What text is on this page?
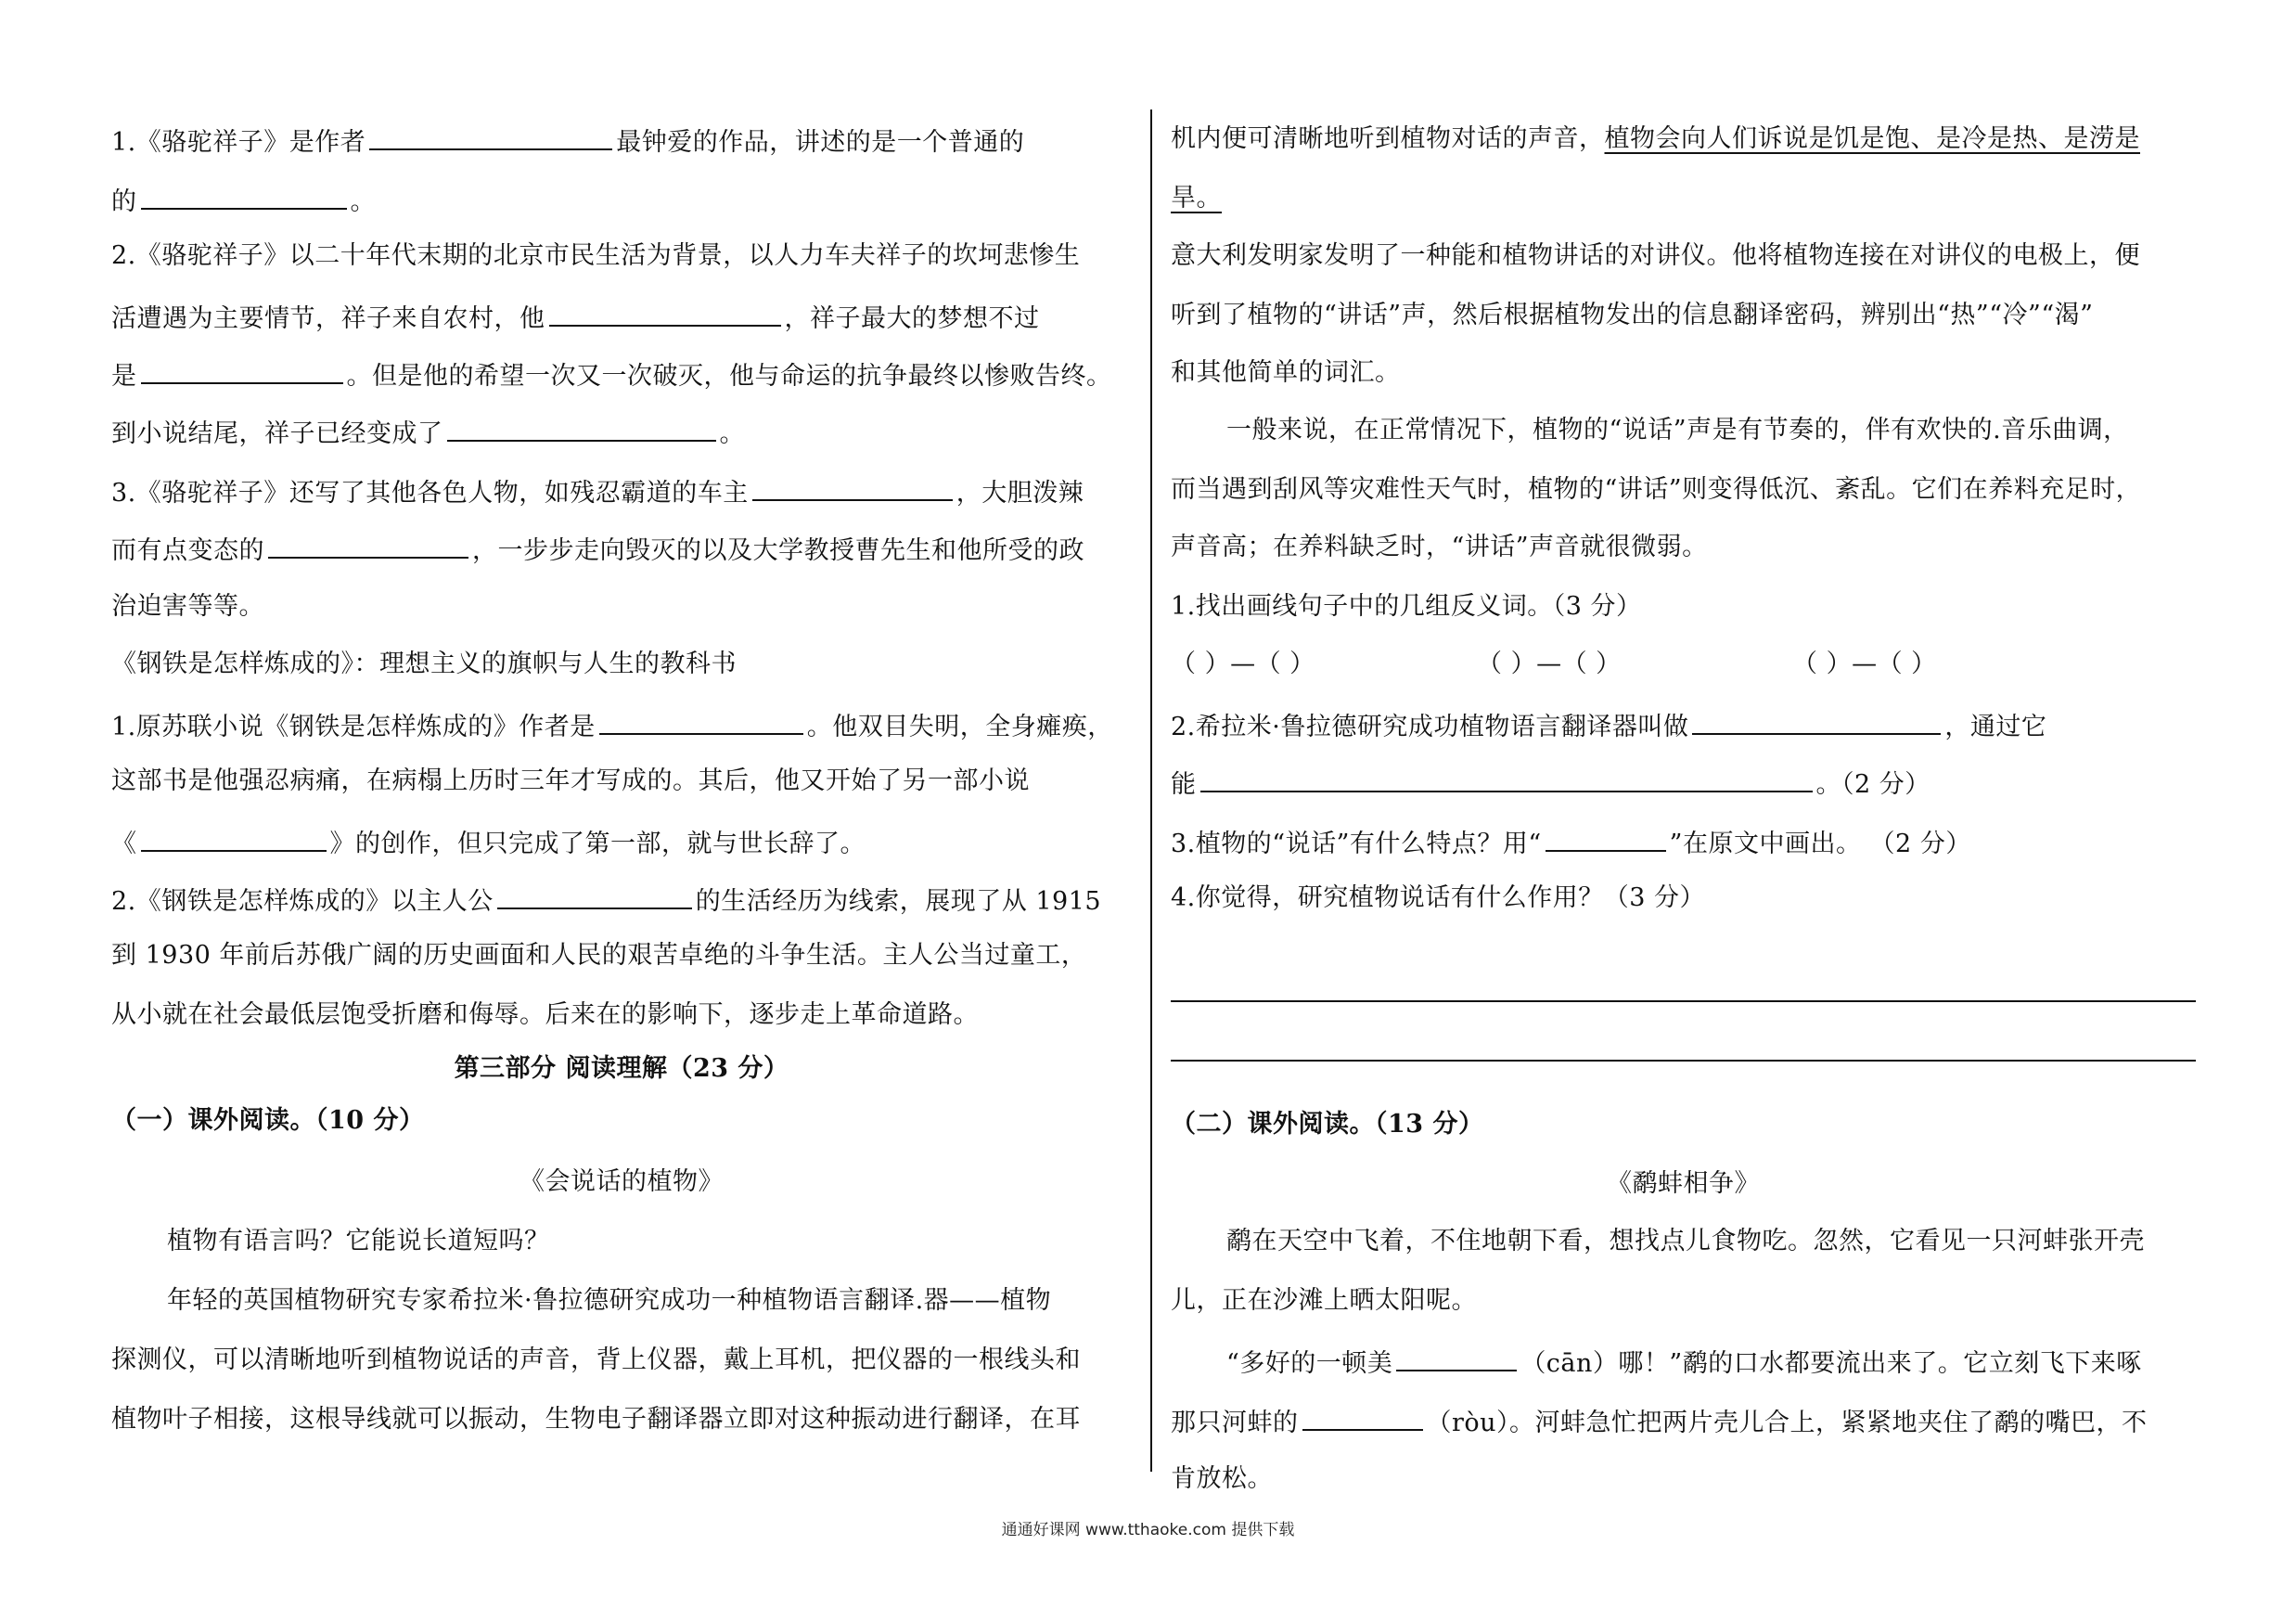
1.《骆驼祥子》是作者	最钟爱的作品，讲述的是一个普通的
的	。
2.《骆驼祥子》以二十年代末期的北京市民生活为背景，以人力车夫祥子的坎坷悲惨生
活遭遇为主要情节，祥子来自农村，他	，祥子最大的梦想不过
是	。但是他的希望一次又一次破灭，他与命运的抗争最终以惨败告终。
到小说结尾，祥子已经变成了	。
3.《骆驼祥子》还写了其他各色人物，如残忍霸道的车主	，大胆泼辣
而有点变态的	，一步步走向毁灭的以及大学教授曹先生和他所受的政
治迫害等等。
《钢铁是怎样炼成的》：理想主义的旗帜与人生的教科书
1.原苏联小说《钢铁是怎样炼成的》作者是	。他双目失明，全身瘫痪，
这部书是他强忍病痛，在病榻上历时三年才写成的。其后，他又开始了另一部小说
《	》的创作，但只完成了第一部，就与世长辞了。
2.《钢铁是怎样炼成的》以主人公	的生活经历为线索，展现了从 1915
到 1930 年前后苏俄广阔的历史画面和人民的艰苦卓绝的斗争生活。主人公当过童工，
从小就在社会最低层饱受折磨和侮辱。后来在的影响下，逐步走上革命道路。
第三部分 阅读理解（23 分）
（一）课外阅读。（10 分）
《会说话的植物》
植物有语言吗？它能说长道短吗？
年轻的英国植物研究专家希拉米·鲁拉德研究成功一种植物语言翻译.器——植物
探测仪，可以清晰地听到植物说话的声音，背上仪器，戴上耳机，把仪器的一根线头和
植物叶子相接，这根导线就可以振动，生物电子翻译器立即对这种振动进行翻译，在耳
机内便可清晰地听到植物对话的声音，植物会向人们诉说是饥是饱、是冷是热、是涝是
旱。
意大利发明家发明了一种能和植物讲话的对讲仪。他将植物连接在对讲仪的电极上，便
听到了植物的“讲话”声，然后根据植物发出的信息翻译密码，辨别出“热”“冷”“渴”
和其他简单的词汇。
一般来说，在正常情况下，植物的“说话”声是有节奏的，伴有欢快的.音乐曲调，
而当遇到刮风等灾难性天气时，植物的“讲话”则变得低沉、紊乱。它们在养料充足时，
声音高；在养料缺乏时，“讲话”声音就很微弱。
1.找出画线句子中的几组反义词。（3 分）
（ ）—（ ）	（ ）—（ ）	（ ）—（ ）
2.希拉米·鲁拉德研究成功植物语言翻译器叫做	，通过它
能	。（2 分）
3.植物的“说话”有什么特点？用“	”在原文中画出。 （2 分）
4.你觉得，研究植物说话有什么作用？（3 分）
（二）课外阅读。（13 分）
《鹬蚌相争》
鹬在天空中飞着，不住地朝下看，想找点儿食物吃。忽然，它看见一只河蚌张开壳
儿，正在沙滩上晒太阳呢。
“多好的一顿美	（cān）哪！”鹬的口水都要流出来了。它立刻飞下来啄
那只河蚌的	（ròu）。河蚌急忙把两片壳儿合上，紧紧地夹住了鹬的嘴巴，不
肯放松。
通通好课网 www.tthaoke.com 提供下载
